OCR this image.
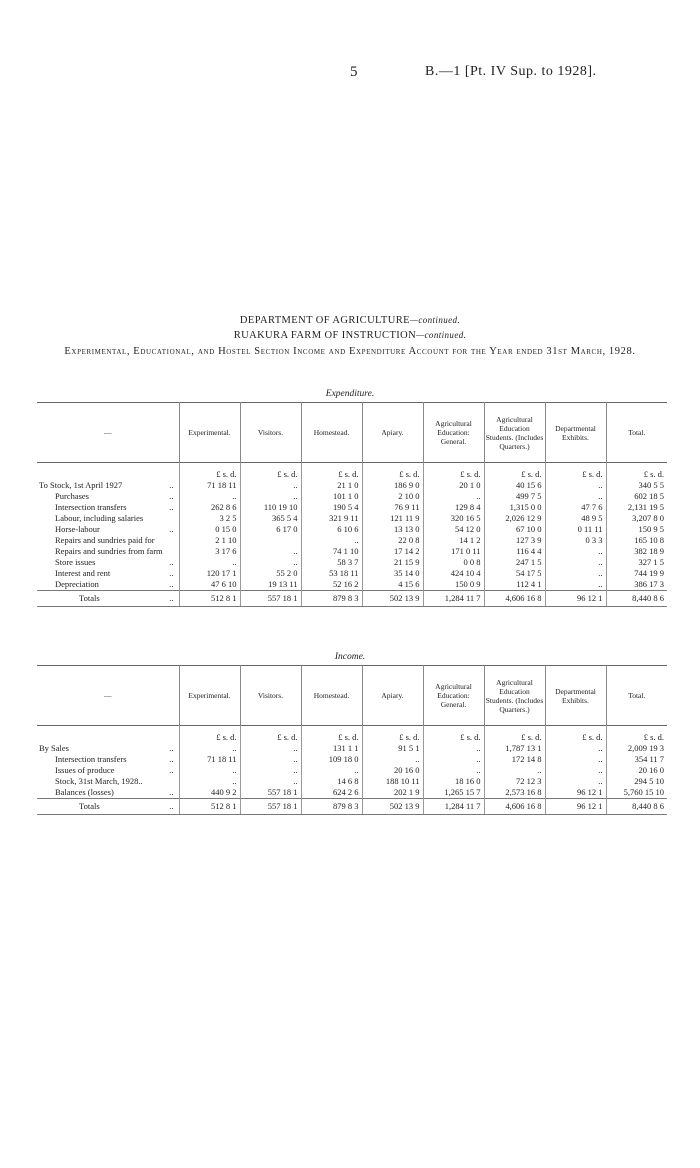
5	B.—1 [Pt. IV Sup. to 1928].
DEPARTMENT OF AGRICULTURE—continued.
RUAKURA FARM OF INSTRUCTION—continued.
Experimental, Educational, and Hostel Section Income and Expenditure Account for the Year ended 31st March, 1928.
Expenditure.
—	Experimental.	Visitors.	Homestead.	Apiary.	Agricultural Education: General.	Agricultural Education Students. (Includes Quarters.)	Departmental Exhibits.	Total.
	£ s. d.	£ s. d.	£ s. d.	£ s. d.	£ s. d.	£ s. d.	£ s. d.	£ s. d.
To Stock, 1st April 1927 ..	71 18 11	..	21 1 0	186 9 0	20 1 0	40 15 6	..	340 5 5
Purchases ..	..	..	101 1 0	2 10 0	..	499 7 5	..	602 18 5
Intersection transfers ..	262 8 6	110 19 10	190 5 4	76 9 11	129 8 4	1,315 0 0	47 7 6	2,131 19 5
Labour, including salaries	3 2 5	365 5 4	321 9 11	121 11 9	320 16 5	2,026 12 9	48 9 5	3,207 8 0
Horse-labour ..	0 15 0	6 17 0	6 10 6	13 13 0	54 12 0	67 10 0	0 11 11	150 9 5
Repairs and sundries paid for	2 1 10		..	22 0 8	14 1 2	127 3 9	0 3 3	165 10 8
Repairs and sundries from farm	3 17 6	..	74 1 10	17 14 2	171 0 11	116 4 4	..	382 18 9
Store issues ..	..	..	58 3 7	21 15 9	0 0 8	247 1 5	..	327 1 5
Interest and rent ..	120 17 1	55 2 0	53 18 11	35 14 0	424 10 4	54 17 5	..	744 19 9
Depreciation ..	47 6 10	19 13 11	52 16 2	4 15 6	150 0 9	112 4 1	..	386 17 3
Totals ..	512 8 1	557 18 1	879 8 3	502 13 9	1,284 11 7	4,606 16 8	96 12 1	8,440 8 6
Income.
—	Experimental.	Visitors.	Homestead.	Apiary.	Agricultural Education: General.	Agricultural Education Students. (Includes Quarters.)	Departmental Exhibits.	Total.
	£ s. d.	£ s. d.	£ s. d.	£ s. d.	£ s. d.	£ s. d.	£ s. d.	£ s. d.
By Sales ..	..	..	131 1 1	91 5 1	..	1,787 13 1	..	2,009 19 3
Intersection transfers ..	71 18 11	..	109 18 0	..	..	172 14 8	..	354 11 7
Issues of produce ..	..	..	..	20 16 0	..	..	..	20 16 0
Stock, 31st March, 1928..	..	..	14 6 8	188 10 11	18 16 0	72 12 3	..	294 5 10
Balances (losses) ..	440 9 2	557 18 1	624 2 6	202 1 9	1,265 15 7	2,573 16 8	96 12 1	5,760 15 10
Totals ..	512 8 1	557 18 1	879 8 3	502 13 9	1,284 11 7	4,606 16 8	96 12 1	8,440 8 6
